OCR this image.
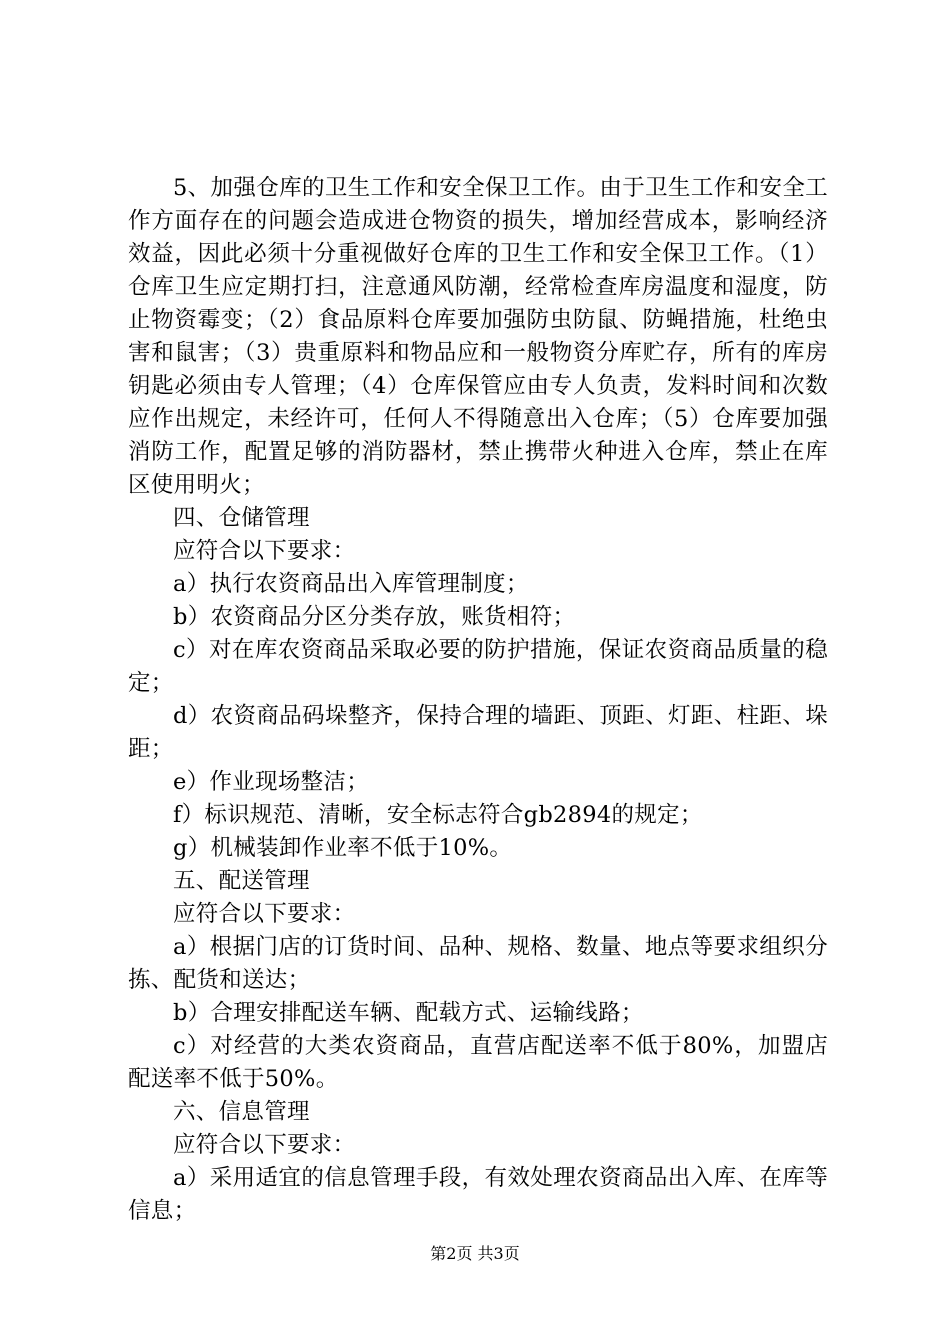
5、加强仓库的卫生工作和安全保卫工作。由于卫生工作和安全工作方面存在的问题会造成进仓物资的损失，增加经营成本，影响经济效益，因此必须十分重视做好仓库的卫生工作和安全保卫工作。（1）仓库卫生应定期打扫，注意通风防潮，经常检查库房温度和湿度，防止物资霉变；（2）食品原料仓库要加强防虫防鼠、防蝇措施，杜绝虫害和鼠害；（3）贵重原料和物品应和一般物资分库贮存，所有的库房钥匙必须由专人管理；（4）仓库保管应由专人负责，发料时间和次数应作出规定，未经许可，任何人不得随意出入仓库；（5）仓库要加强消防工作，配置足够的消防器材，禁止携带火种进入仓库，禁止在库区使用明火；

四、仓储管理

应符合以下要求：

a）执行农资商品出入库管理制度；

b）农资商品分区分类存放，账货相符；

c）对在库农资商品采取必要的防护措施，保证农资商品质量的稳定；

d）农资商品码垛整齐，保持合理的墙距、顶距、灯距、柱距、垛距；

e）作业现场整洁；

f）标识规范、清晰，安全标志符合gb2894的规定；

g）机械装卸作业率不低于10%。

五、配送管理

应符合以下要求：

a）根据门店的订货时间、品种、规格、数量、地点等要求组织分拣、配货和送达；

b）合理安排配送车辆、配载方式、运输线路；

c）对经营的大类农资商品，直营店配送率不低于80%，加盟店配送率不低于50%。

六、信息管理

应符合以下要求：

a）采用适宜的信息管理手段，有效处理农资商品出入库、在库等信息；

第2页 共3页
